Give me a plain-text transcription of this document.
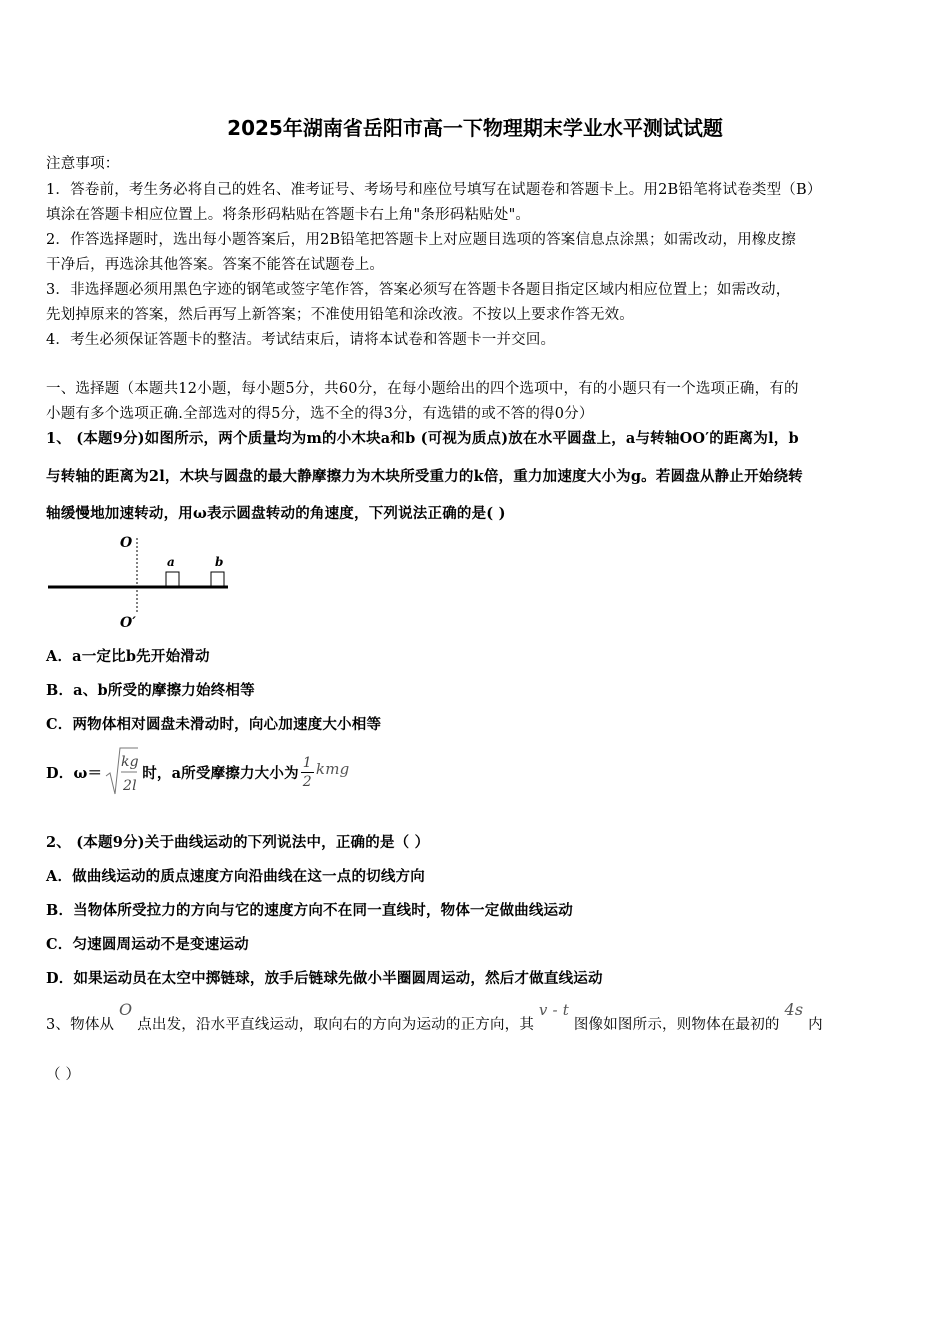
2025年湖南省岳阳市高一下物理期末学业水平测试试题
注意事项：
1．答卷前，考生务必将自己的姓名、准考证号、考场号和座位号填写在试题卷和答题卡上。用2B铅笔将试卷类型（B）
填涂在答题卡相应位置上。将条形码粘贴在答题卡右上角"条形码粘贴处"。
2．作答选择题时，选出每小题答案后，用2B铅笔把答题卡上对应题目选项的答案信息点涂黑；如需改动，用橡皮擦
干净后，再选涂其他答案。答案不能答在试题卷上。
3．非选择题必须用黑色字迹的钢笔或签字笔作答，答案必须写在答题卡各题目指定区域内相应位置上；如需改动，
先划掉原来的答案，然后再写上新答案；不准使用铅笔和涂改液。不按以上要求作答无效。
4．考生必须保证答题卡的整洁。考试结束后，请将本试卷和答题卡一并交回。
一、选择题（本题共12小题，每小题5分，共60分，在每小题给出的四个选项中，有的小题只有一个选项正确，有的
小题有多个选项正确.全部选对的得5分，选不全的得3分，有选错的或不答的得0分）
1、 (本题9分)如图所示，两个质量均为m的小木块a和b (可视为质点)放在水平圆盘上，a与转轴OO′的距离为l，b
与转轴的距离为2l，木块与圆盘的最大静摩擦力为木块所受重力的k倍，重力加速度大小为g。若圆盘从静止开始绕转
轴缓慢地加速转动，用ω表示圆盘转动的角速度，下列说法正确的是( )
O
a	b
O′
A．a一定比b先开始滑动
B．a、b所受的摩擦力始终相等
C．两物体相对圆盘未滑动时，向心加速度大小相等
D．ω＝
kg
2l
时，a所受摩擦力大小为 $\frac{1}{2}$ kmg
2、 (本题9分)关于曲线运动的下列说法中，正确的是（ ）
A．做曲线运动的质点速度方向沿曲线在这一点的切线方向
B．当物体所受拉力的方向与它的速度方向不在同一直线时，物体一定做曲线运动
C．匀速圆周运动不是变速运动
D．如果运动员在太空中掷链球，放手后链球先做小半圈圆周运动，然后才做直线运动
3、物体从 O 点出发，沿水平直线运动，取向右的方向为运动的正方向，其 v - t 图像如图所示，则物体在最初的 4s 内
（ ）
